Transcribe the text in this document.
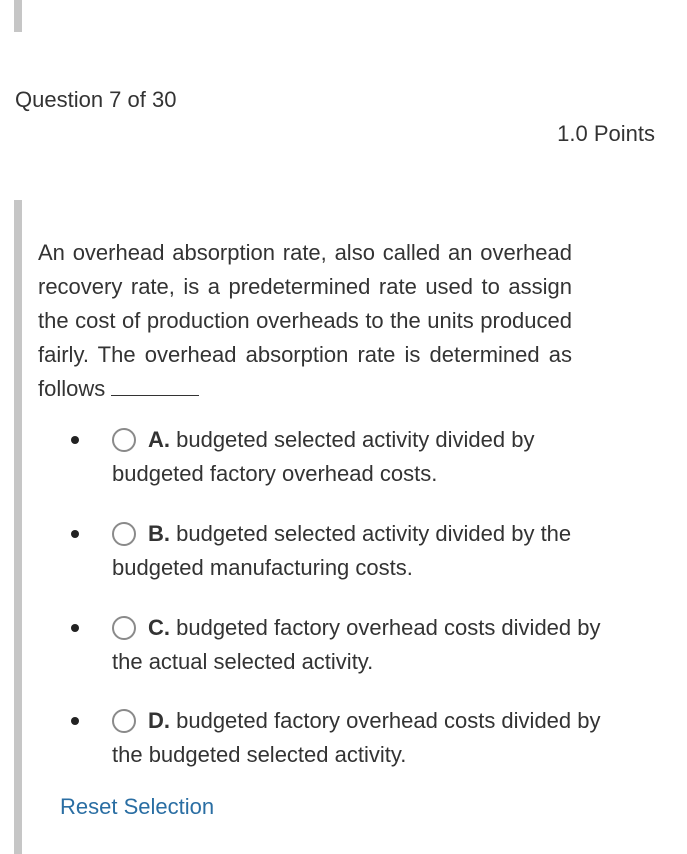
Question 7 of 30
1.0 Points

An overhead absorption rate, also called an overhead recovery rate, is a predetermined rate used to assign the cost of production overheads to the units produced fairly. The overhead absorption rate is determined as follows

A. budgeted selected activity divided by budgeted factory overhead costs.
B. budgeted selected activity divided by the budgeted manufacturing costs.
C. budgeted factory overhead costs divided by the actual selected activity.
D. budgeted factory overhead costs divided by the budgeted selected activity.
Reset Selection
